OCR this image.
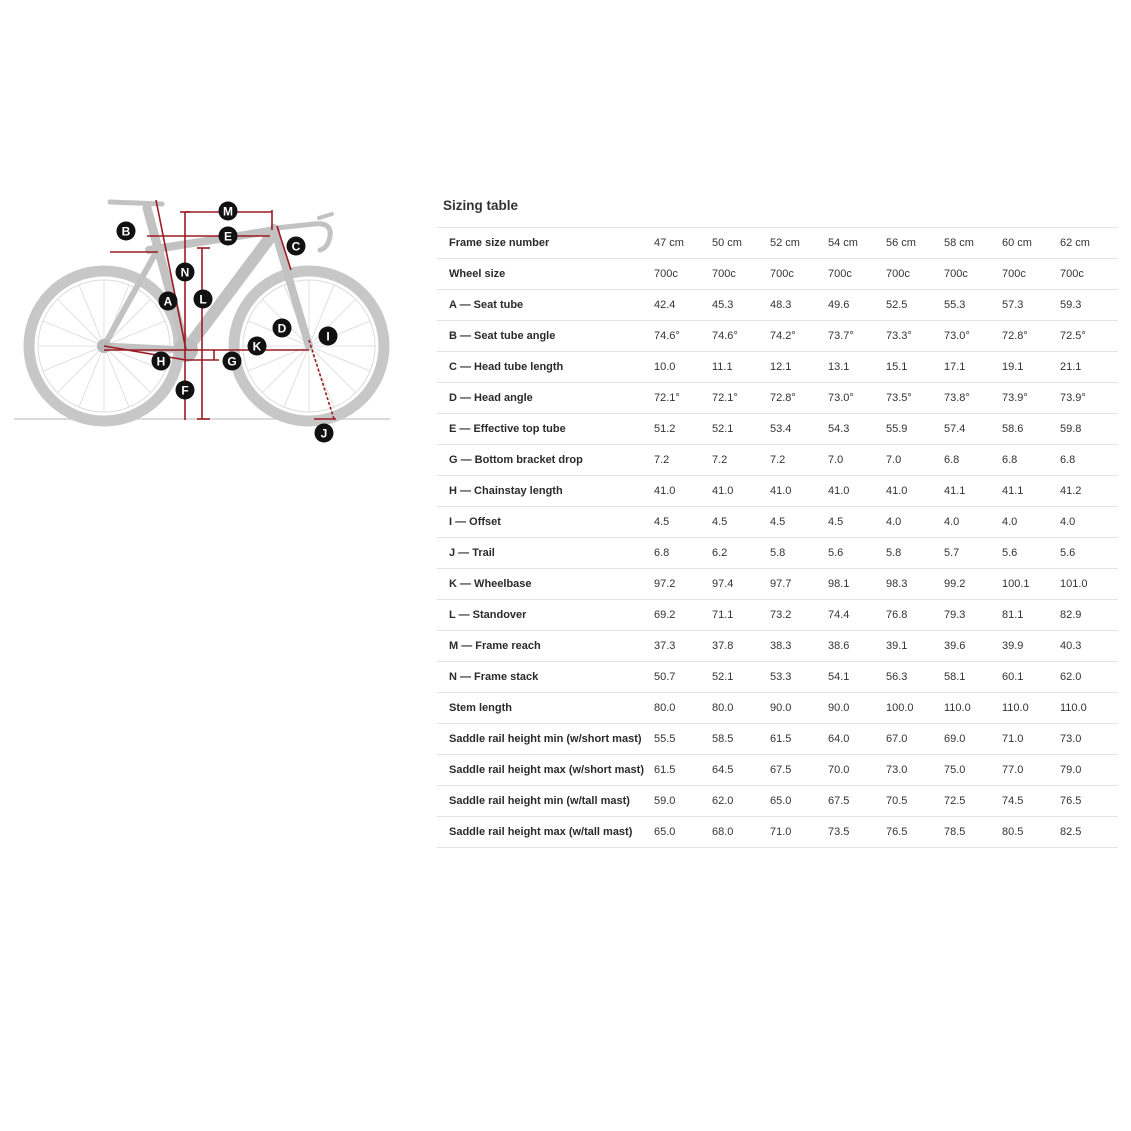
B
M
E
C
N
L
A
D
I
K
H	G
F
J
Sizing table
Frame size number	47 cm	50 cm	52 cm	54 cm	56 cm	58 cm	60 cm	62 cm
Wheel size	700c	700c	700c	700c	700c	700c	700c	700c
A — Seat tube	42.4	45.3	48.3	49.6	52.5	55.3	57.3	59.3
B — Seat tube angle	74.6°	74.6°	74.2°	73.7°	73.3°	73.0°	72.8°	72.5°
C — Head tube length	10.0	11.1	12.1	13.1	15.1	17.1	19.1	21.1
D — Head angle	72.1°	72.1°	72.8°	73.0°	73.5°	73.8°	73.9°	73.9°
E — Effective top tube	51.2	52.1	53.4	54.3	55.9	57.4	58.6	59.8
G — Bottom bracket drop	7.2	7.2	7.2	7.0	7.0	6.8	6.8	6.8
H — Chainstay length	41.0	41.0	41.0	41.0	41.0	41.1	41.1	41.2
I — Offset	4.5	4.5	4.5	4.5	4.0	4.0	4.0	4.0
J — Trail	6.8	6.2	5.8	5.6	5.8	5.7	5.6	5.6
K — Wheelbase	97.2	97.4	97.7	98.1	98.3	99.2	100.1	101.0
L — Standover	69.2	71.1	73.2	74.4	76.8	79.3	81.1	82.9
M — Frame reach	37.3	37.8	38.3	38.6	39.1	39.6	39.9	40.3
N — Frame stack	50.7	52.1	53.3	54.1	56.3	58.1	60.1	62.0
Stem length	80.0	80.0	90.0	90.0	100.0	110.0	110.0	110.0
Saddle rail height min (w/short mast)	55.5	58.5	61.5	64.0	67.0	69.0	71.0	73.0
Saddle rail height max (w/short mast)	61.5	64.5	67.5	70.0	73.0	75.0	77.0	79.0
Saddle rail height min (w/tall mast)	59.0	62.0	65.0	67.5	70.5	72.5	74.5	76.5
Saddle rail height max (w/tall mast)	65.0	68.0	71.0	73.5	76.5	78.5	80.5	82.5
